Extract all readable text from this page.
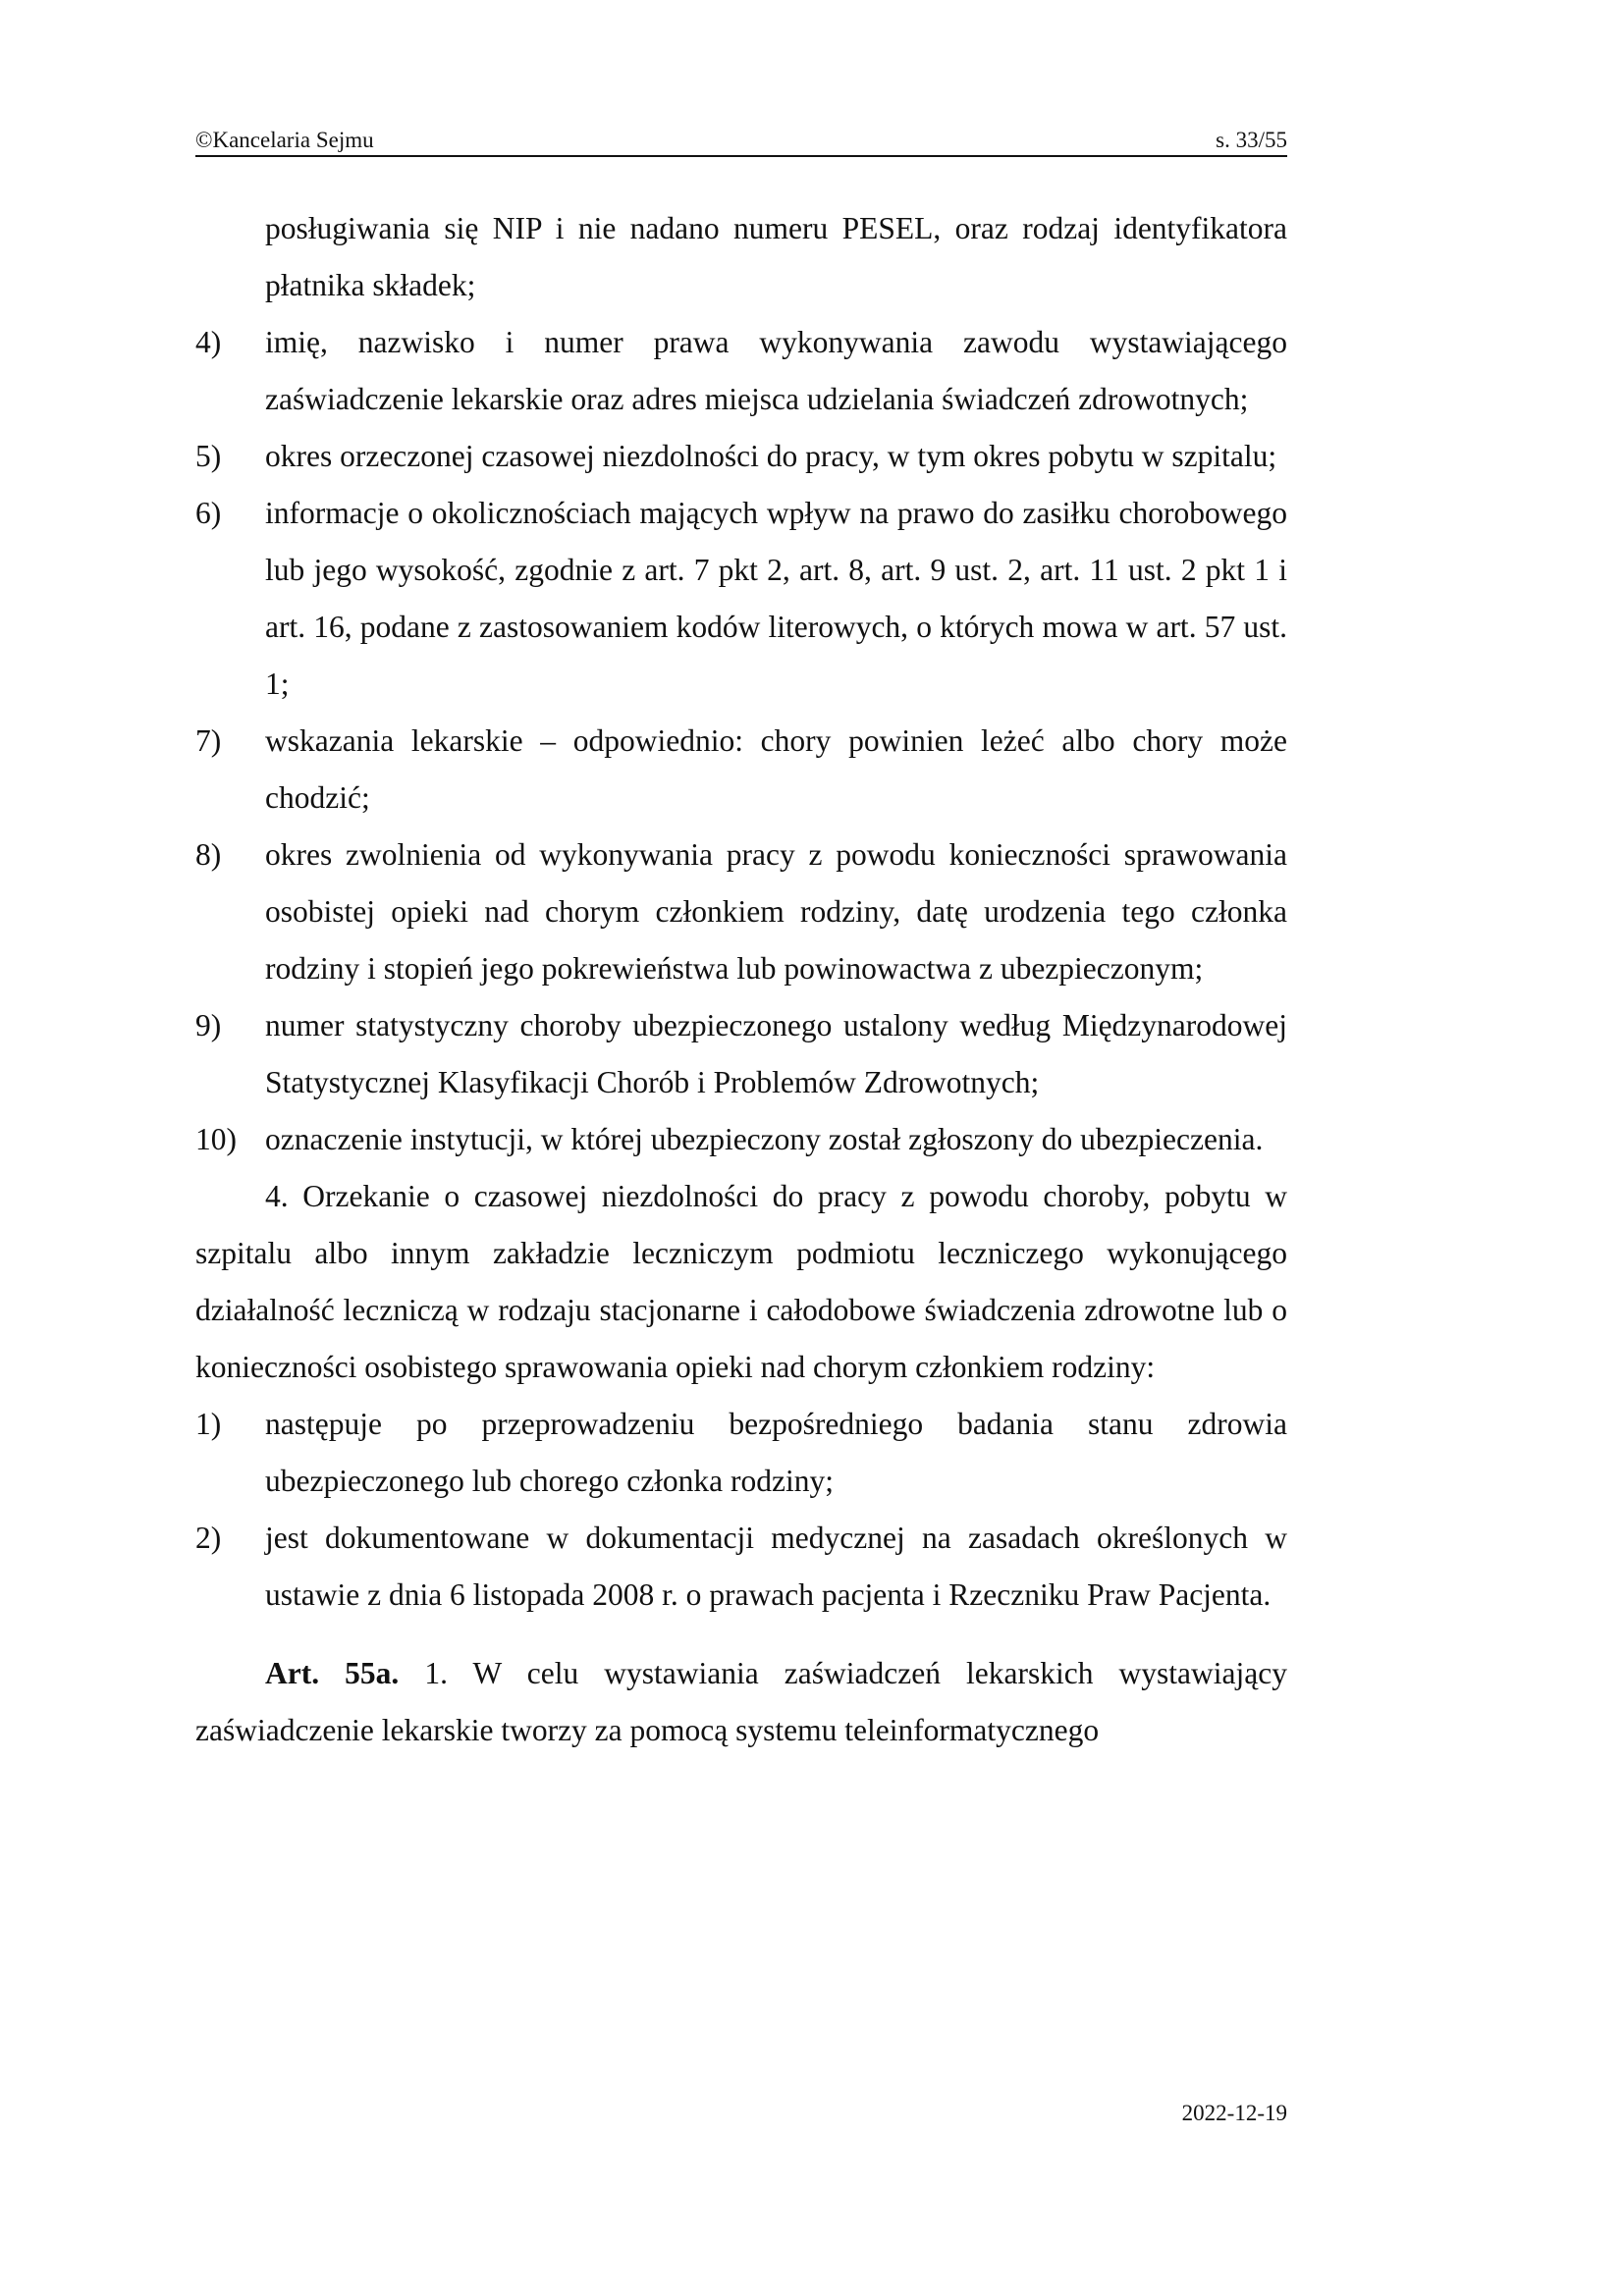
©Kancelaria Sejmu	s. 33/55
posługiwania się NIP i nie nadano numeru PESEL, oraz rodzaj identyfikatora płatnika składek;
4) imię, nazwisko i numer prawa wykonywania zawodu wystawiającego zaświadczenie lekarskie oraz adres miejsca udzielania świadczeń zdrowotnych;
5) okres orzeczonej czasowej niezdolności do pracy, w tym okres pobytu w szpitalu;
6) informacje o okolicznościach mających wpływ na prawo do zasiłku chorobowego lub jego wysokość, zgodnie z art. 7 pkt 2, art. 8, art. 9 ust. 2, art. 11 ust. 2 pkt 1 i art. 16, podane z zastosowaniem kodów literowych, o których mowa w art. 57 ust. 1;
7) wskazania lekarskie – odpowiednio: chory powinien leżeć albo chory może chodzić;
8) okres zwolnienia od wykonywania pracy z powodu konieczności sprawowania osobistej opieki nad chorym członkiem rodziny, datę urodzenia tego członka rodziny i stopień jego pokrewieństwa lub powinowactwa z ubezpieczonym;
9) numer statystyczny choroby ubezpieczonego ustalony według Międzynarodowej Statystycznej Klasyfikacji Chorób i Problemów Zdrowotnych;
10) oznaczenie instytucji, w której ubezpieczony został zgłoszony do ubezpieczenia.
4. Orzekanie o czasowej niezdolności do pracy z powodu choroby, pobytu w szpitalu albo innym zakładzie leczniczym podmiotu leczniczego wykonującego działalność leczniczą w rodzaju stacjonarne i całodobowe świadczenia zdrowotne lub o konieczności osobistego sprawowania opieki nad chorym członkiem rodziny:
1) następuje po przeprowadzeniu bezpośredniego badania stanu zdrowia ubezpieczonego lub chorego członka rodziny;
2) jest dokumentowane w dokumentacji medycznej na zasadach określonych w ustawie z dnia 6 listopada 2008 r. o prawach pacjenta i Rzeczniku Praw Pacjenta.
Art. 55a. 1. W celu wystawiania zaświadczeń lekarskich wystawiający zaświadczenie lekarskie tworzy za pomocą systemu teleinformatycznego
2022-12-19
